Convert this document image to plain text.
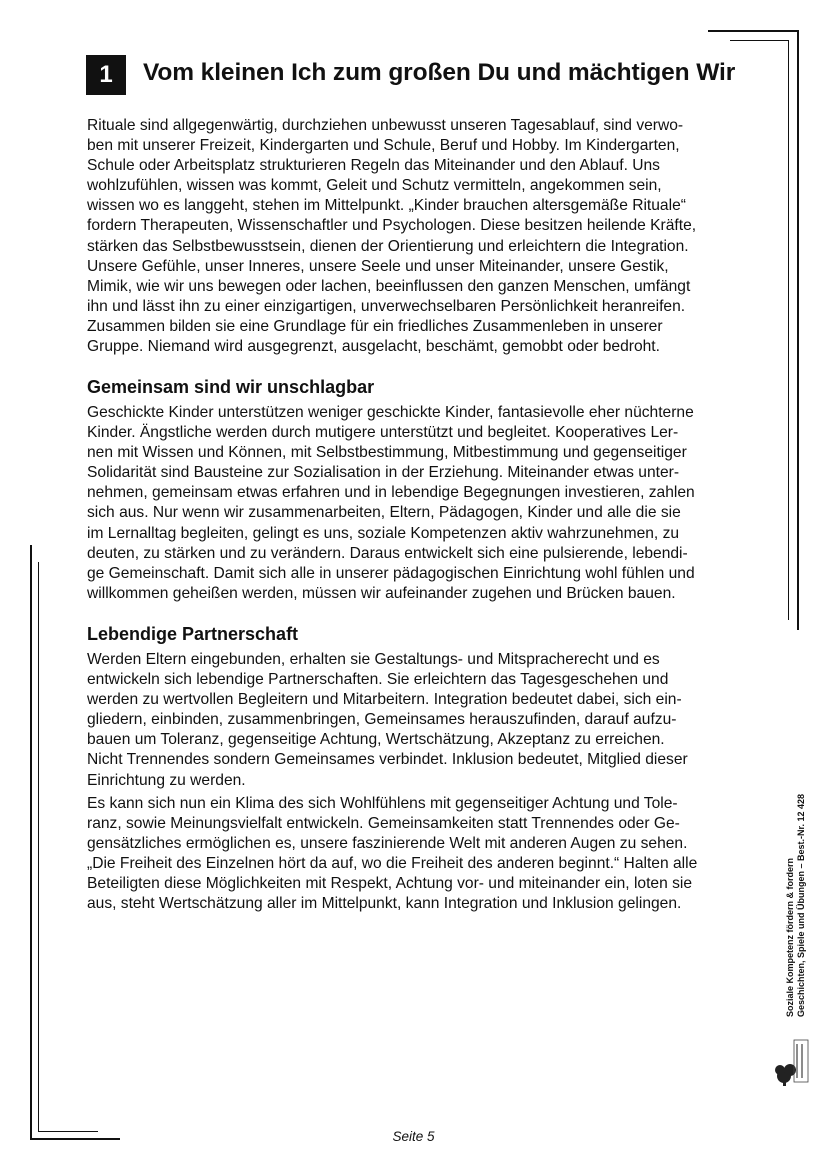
1	Vom kleinen Ich zum großen Du und mächtigen Wir
Rituale sind allgegenwärtig, durchziehen unbewusst unseren Tagesablauf, sind verwo-
ben mit unserer Freizeit, Kindergarten und Schule, Beruf und Hobby. Im Kindergarten,
Schule oder Arbeitsplatz strukturieren Regeln das Miteinander und den Ablauf. Uns
wohlzufühlen, wissen was kommt, Geleit und Schutz vermitteln, angekommen sein,
wissen wo es langgeht, stehen im Mittelpunkt. „Kinder brauchen altersgemäße Rituale“
fordern Therapeuten, Wissenschaftler und Psychologen. Diese besitzen heilende Kräfte,
stärken das Selbstbewusstsein, dienen der Orientierung und erleichtern die Integration.
Unsere Gefühle, unser Inneres, unsere Seele und unser Miteinander, unsere Gestik,
Mimik, wie wir uns bewegen oder lachen, beeinflussen den ganzen Menschen, umfängt
ihn und lässt ihn zu einer einzigartigen, unverwechselbaren Persönlichkeit heranreifen.
Zusammen bilden sie eine Grundlage für ein friedliches Zusammenleben in unserer
Gruppe. Niemand wird ausgegrenzt, ausgelacht, beschämt, gemobbt oder bedroht.
Gemeinsam sind wir unschlagbar
Geschickte Kinder unterstützen weniger geschickte Kinder, fantasievolle eher nüchterne
Kinder. Ängstliche werden durch mutigere unterstützt und begleitet. Kooperatives Ler-
nen mit Wissen und Können, mit Selbstbestimmung, Mitbestimmung und gegenseitiger
Solidarität sind Bausteine zur Sozialisation in der Erziehung. Miteinander etwas unter-
nehmen, gemeinsam etwas erfahren und in lebendige Begegnungen investieren, zahlen
sich aus. Nur wenn wir zusammenarbeiten, Eltern, Pädagogen, Kinder und alle die sie
im Lernalltag begleiten, gelingt es uns, soziale Kompetenzen aktiv wahrzunehmen, zu
deuten, zu stärken und zu verändern. Daraus entwickelt sich eine pulsierende, lebendi-
ge Gemeinschaft. Damit sich alle in unserer pädagogischen Einrichtung wohl fühlen und
willkommen geheißen werden, müssen wir aufeinander zugehen und Brücken bauen.
Lebendige Partnerschaft
Werden Eltern eingebunden, erhalten sie Gestaltungs- und Mitspracherecht und es
entwickeln sich lebendige Partnerschaften. Sie erleichtern das Tagesgeschehen und
werden zu wertvollen Begleitern und Mitarbeitern. Integration bedeutet dabei, sich ein-
gliedern, einbinden, zusammenbringen, Gemeinsames herauszufinden, darauf aufzu-
bauen um Toleranz, gegenseitige Achtung, Wertschätzung, Akzeptanz zu erreichen.
Nicht Trennendes sondern Gemeinsames verbindet. Inklusion bedeutet, Mitglied dieser
Einrichtung zu werden.
Es kann sich nun ein Klima des sich Wohlfühlens mit gegenseitiger Achtung und Tole-
ranz, sowie Meinungsvielfalt entwickeln. Gemeinsamkeiten statt Trennendes oder Ge-
gensätzliches ermöglichen es, unsere faszinierende Welt mit anderen Augen zu sehen.
„Die Freiheit des Einzelnen hört da auf, wo die Freiheit des anderen beginnt.“ Halten alle
Beteiligten diese Möglichkeiten mit Respekt, Achtung vor- und miteinander ein, loten sie
aus, steht Wertschätzung aller im Mittelpunkt, kann Integration und Inklusion gelingen.	Soziale Kompetenz fördern & fordern Geschichten, Spiele und Übungen – Best.-Nr. 12 428
Seite 5
